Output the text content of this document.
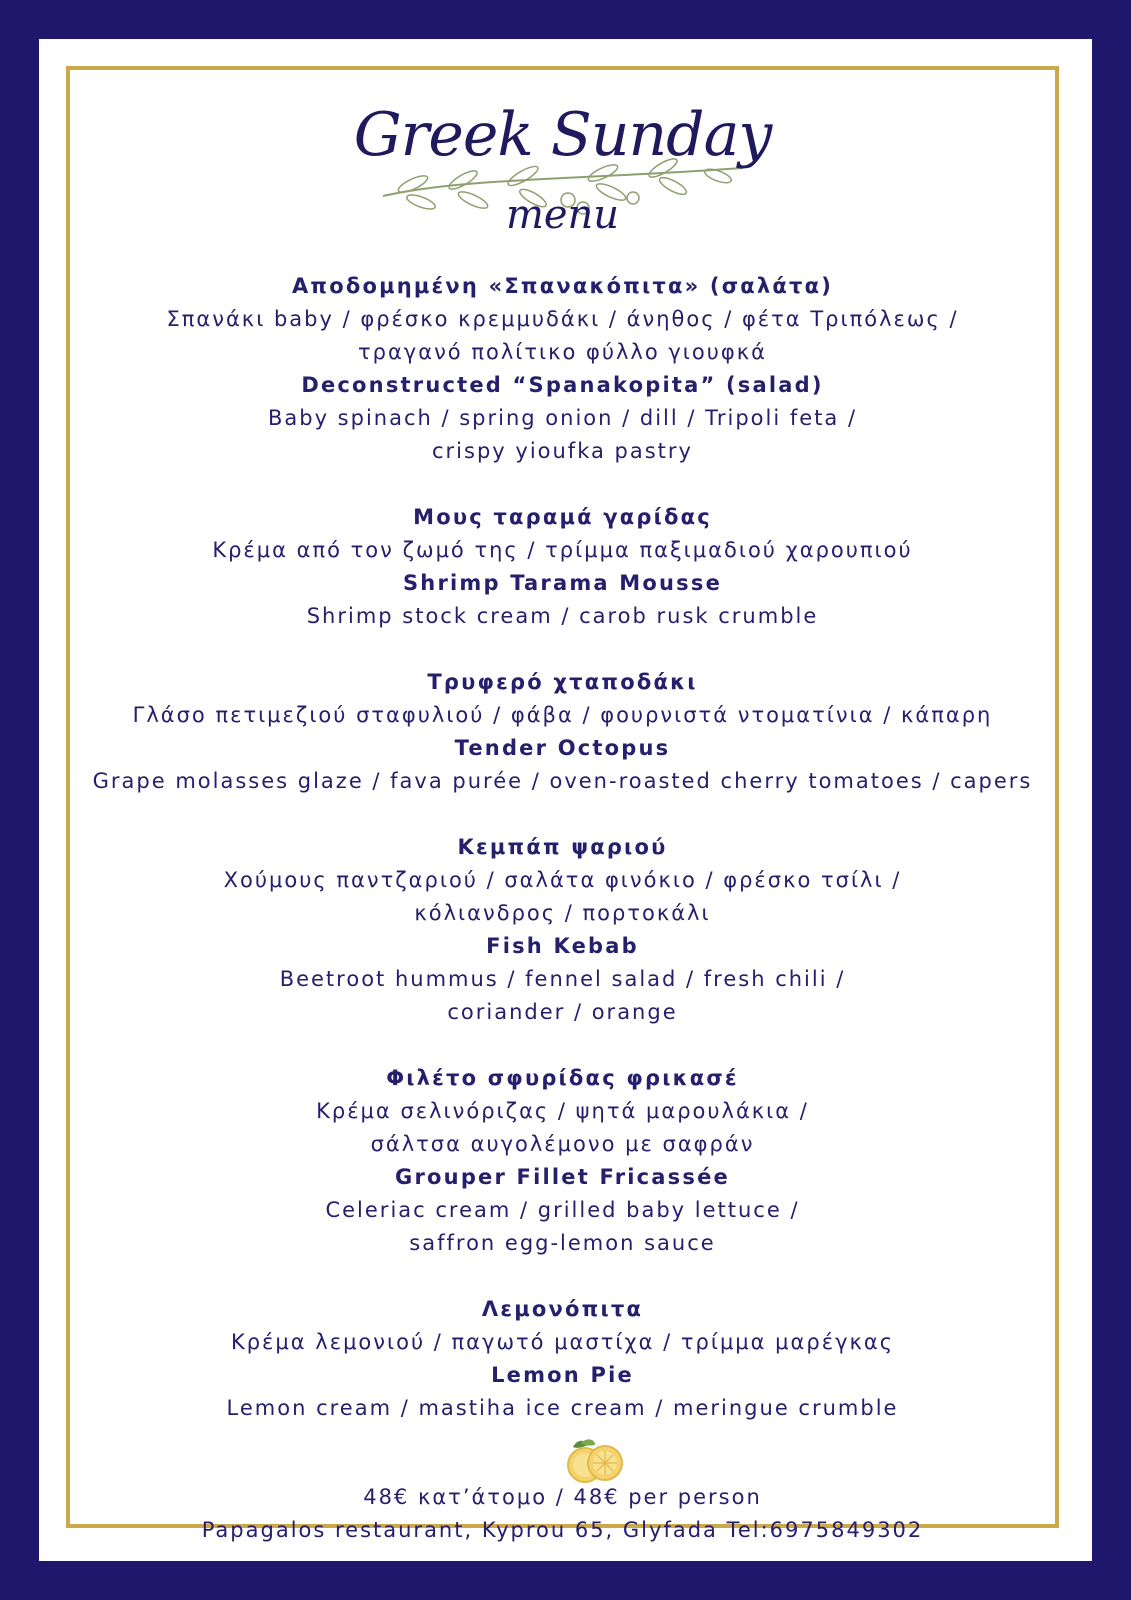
Greek Sunday
menu
Αποδομημένη «Σπανακόπιτα» (σαλάτα)
Σπανάκι baby / φρέσκο κρεμμυδάκι / άνηθος / φέτα Τριπόλεως /
τραγανό πολίτικο φύλλο γιουφκά
Deconstructed “Spanakopita” (salad)
Baby spinach / spring onion / dill / Tripoli feta /
crispy yioufka pastry
Μους ταραμά γαρίδας
Κρέμα από τον ζωμό της / τρίμμα παξιμαδιού χαρουπιού
Shrimp Tarama Mousse
Shrimp stock cream / carob rusk crumble
Τρυφερό χταποδάκι
Γλάσο πετιμεζιού σταφυλιού / φάβα / φουρνιστά ντοματίνια / κάπαρη
Tender Octopus
Grape molasses glaze / fava purée / oven-roasted cherry tomatoes / capers
Κεμπάπ ψαριού
Χούμους παντζαριού / σαλάτα φινόκιο / φρέσκο τσίλι /
κόλιανδρος / πορτοκάλι
Fish Kebab
Beetroot hummus / fennel salad / fresh chili /
coriander / orange
Φιλέτο σφυρίδας φρικασέ
Κρέμα σελινόριζας / ψητά μαρουλάκια /
σάλτσα αυγολέμονο με σαφράν
Grouper Fillet Fricassée
Celeriac cream / grilled baby lettuce /
saffron egg-lemon sauce
Λεμονόπιτα
Κρέμα λεμονιού / παγωτό μαστίχα / τρίμμα μαρέγκας
Lemon Pie
Lemon cream / mastiha ice cream / meringue crumble
48€ κατ’άτομο / 48€ per person
Papagalos restaurant, Kyprou 65, Glyfada Tel:6975849302
